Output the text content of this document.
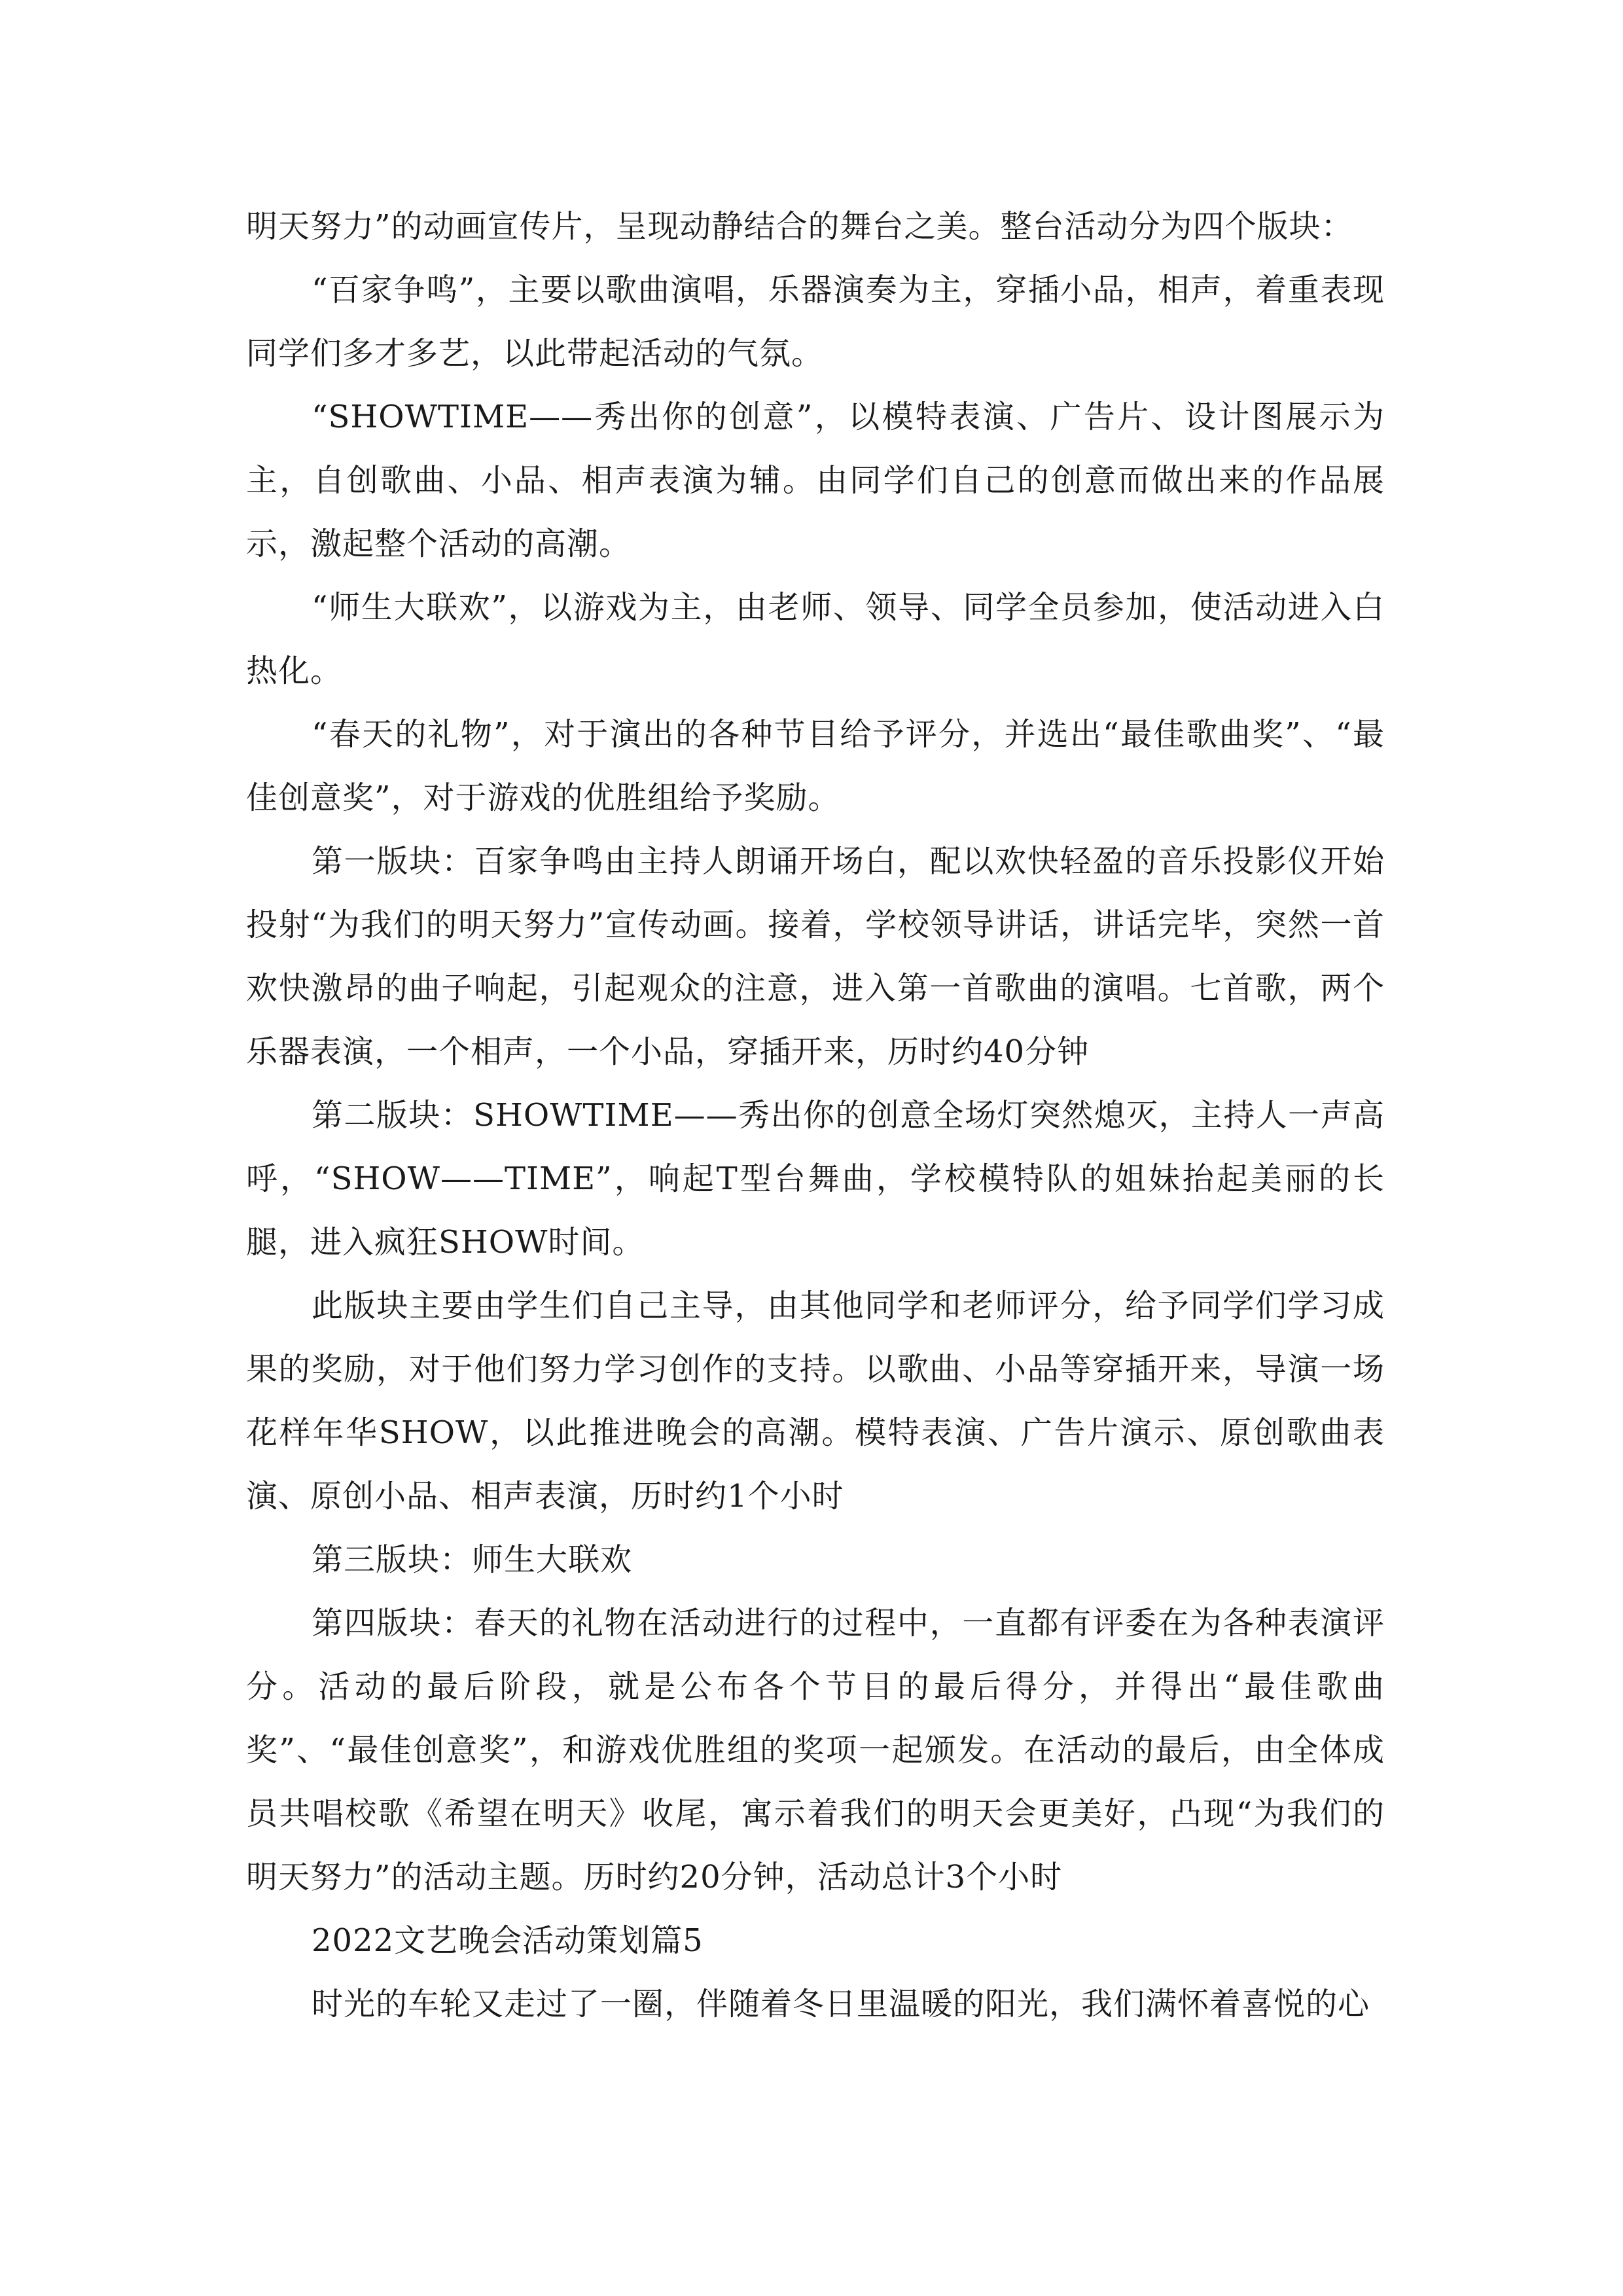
明天努力”的动画宣传片，呈现动静结合的舞台之美。整台活动分为四个版块：

“百家争鸣”，主要以歌曲演唱，乐器演奏为主，穿插小品，相声，着重表现同学们多才多艺，以此带起活动的气氛。

“SHOWTIME——秀出你的创意”，以模特表演、广告片、设计图展示为主，自创歌曲、小品、相声表演为辅。由同学们自己的创意而做出来的作品展示，激起整个活动的高潮。

“师生大联欢”，以游戏为主，由老师、领导、同学全员参加，使活动进入白热化。

“春天的礼物”，对于演出的各种节目给予评分，并选出“最佳歌曲奖”、“最佳创意奖”，对于游戏的优胜组给予奖励。

第一版块：百家争鸣由主持人朗诵开场白，配以欢快轻盈的音乐投影仪开始投射“为我们的明天努力”宣传动画。接着，学校领导讲话，讲话完毕，突然一首欢快激昂的曲子响起，引起观众的注意，进入第一首歌曲的演唱。七首歌，两个乐器表演，一个相声，一个小品，穿插开来，历时约40分钟

第二版块：SHOWTIME——秀出你的创意全场灯突然熄灭，主持人一声高呼，“SHOW——TIME”，响起T型台舞曲，学校模特队的姐妹抬起美丽的长腿，进入疯狂SHOW时间。

此版块主要由学生们自己主导，由其他同学和老师评分，给予同学们学习成果的奖励，对于他们努力学习创作的支持。以歌曲、小品等穿插开来，导演一场花样年华SHOW，以此推进晚会的高潮。模特表演、广告片演示、原创歌曲表演、原创小品、相声表演，历时约1个小时

第三版块：师生大联欢

第四版块：春天的礼物在活动进行的过程中，一直都有评委在为各种表演评分。活动的最后阶段，就是公布各个节目的最后得分，并得出“最佳歌曲奖”、“最佳创意奖”，和游戏优胜组的奖项一起颁发。在活动的最后，由全体成员共唱校歌《希望在明天》收尾，寓示着我们的明天会更美好，凸现“为我们的明天努力”的活动主题。历时约20分钟，活动总计3个小时

2022文艺晚会活动策划篇5

时光的车轮又走过了一圈，伴随着冬日里温暖的阳光，我们满怀着喜悦的心
